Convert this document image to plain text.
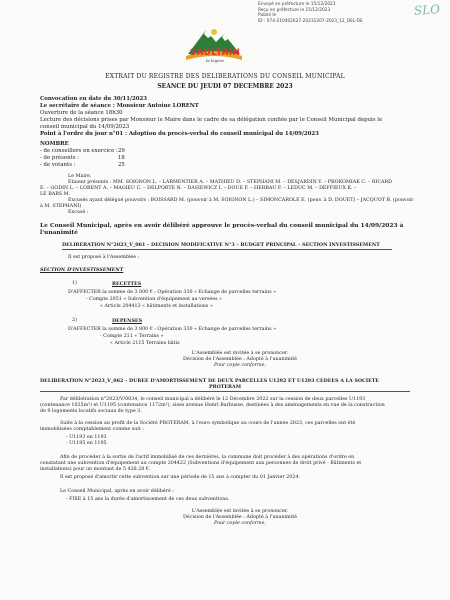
Envoyé en préfecture le 15/12/2023
Reçu en préfecture le 15/12/2023
Publié le
ID : 074-210402627-20231207-2023_12_DEL-DE
SLO
SAULTAIN
la légère
EXTRAIT DU REGISTRE DES DELIBERATIONS DU CONSEIL MUNICIPAL
SEANCE DU JEUDI 07 DECEMBRE 2023
Convocation en date du 30/11/2023
Le secrétaire de séance : Monsieur Antoine LORENT
Ouverture de la séance 18h30
Lecture des décisions prises par Monsieur le Maire dans le cadre de sa délégation confiée par le Conseil Municipal depuis le
conseil municipal du 14/09/2023
Point à l'ordre du jour n°01 : Adoption du procès-verbal du conseil municipal du 14/09/2023
NOMBRE
- de conseillers en exercice : 29
- de présents :	18
- de votants :	25
Le Maire,
Etaient présents : MM. SOIGNON L. – LARMENTIER A. – MATHIEU D. – STEPHANI M. – DESJARDIN Y. – PROKOMIAK C. – RICARD
E. – GODIN L. – LORENT A. – MAGIEU C. – DELPORTE N. – DASIEWICZ I. – DOUE F. – HERBAU F. – LEDUC M. – DEFFIEUX K. –
LE BARS M.
Excusés ayant délégué pouvoirs : BOISSARD M. (pouvoir à M. SOIGNON L.) – SIMONCAROLE E. (pouv. à D. DOUET) – JACQUOT B. (pouvoir
à M. STEPHANI)
Excusé :
Le Conseil Municipal, après en avoir délibéré approuve le procès-verbal du conseil municipal du 14/09/2023 à
l'unanimité
DELIBERATION N°2023_V_061 – DECISION MODIFICATIVE N°3 – BUDGET PRINCIPAL – SECTION INVESTISSEMENT
Il est proposé à l'Assemblée :
SECTION D'INVESTISSEMENT
1)	RECETTES
D'AFFECTER la somme de 3 800 € : Opération 330 « Echange de parcelles terrains »
- Compte 2051 « Subvention d'équipement au versées »
« Article 204413 « bâtiments et installations »
2)	DEPENSES
D'AFFECTER la somme de 3 800 € : Opération 330 « Echange de parcelles terrains »
- Compte 211 « Terrains »
« Article 2115 Terrains bâtis
L'Assemblée est invitée à se prononcer.
Décision de l'Assemblée : Adopté à l'unanimité
Pour copie conforme,
DELIBERATION N°2023_V_062 – DUREE D'AMORTISSEMENT DE DEUX PARCELLES U1292 ET U1293 CEDEES A LA SOCIETE
PROTERAM
Par délibération n°2023/V/0034, le conseil municipal a délibéré le 12 Décembre 2022 sur la cession de deux parcelles U1193
(contenance 1025m²) et U1195 (contenance 1172m²), sises avenue Henri Barbusse, destinées à des aménagements en vue de la construction
de 9 logements locatifs sociaux de type 3.
Suite à la cession au profit de la Société PROTERAM, à l'euro symbolique au cours de l'année 2023, ces parcelles ont été
immobilisées comptablement comme suit :
- U1193 en 1193
- U1195 en 1195
Afin de procéder à la sortie de l'actif immobilisé de ces dernières, la commune doit procéder à des opérations d'ordre en
constatant une subvention d'équipement au compte 204422 (Subventions d'équipement aux personnes de droit privé - Bâtiments et
installations) pour un montant de 5 428,28 €.
Il est proposé d'amortir cette subvention sur une période de 15 ans à compter du 01 Janvier 2024.
Le Conseil Municipal, après en avoir délibéré :
- FIXE à 15 ans la durée d'amortissement de ces deux subventions.
L'Assemblée est invitée à se prononcer.
Décision de l'Assemblée : Adopté à l'unanimité
Pour copie conforme,
